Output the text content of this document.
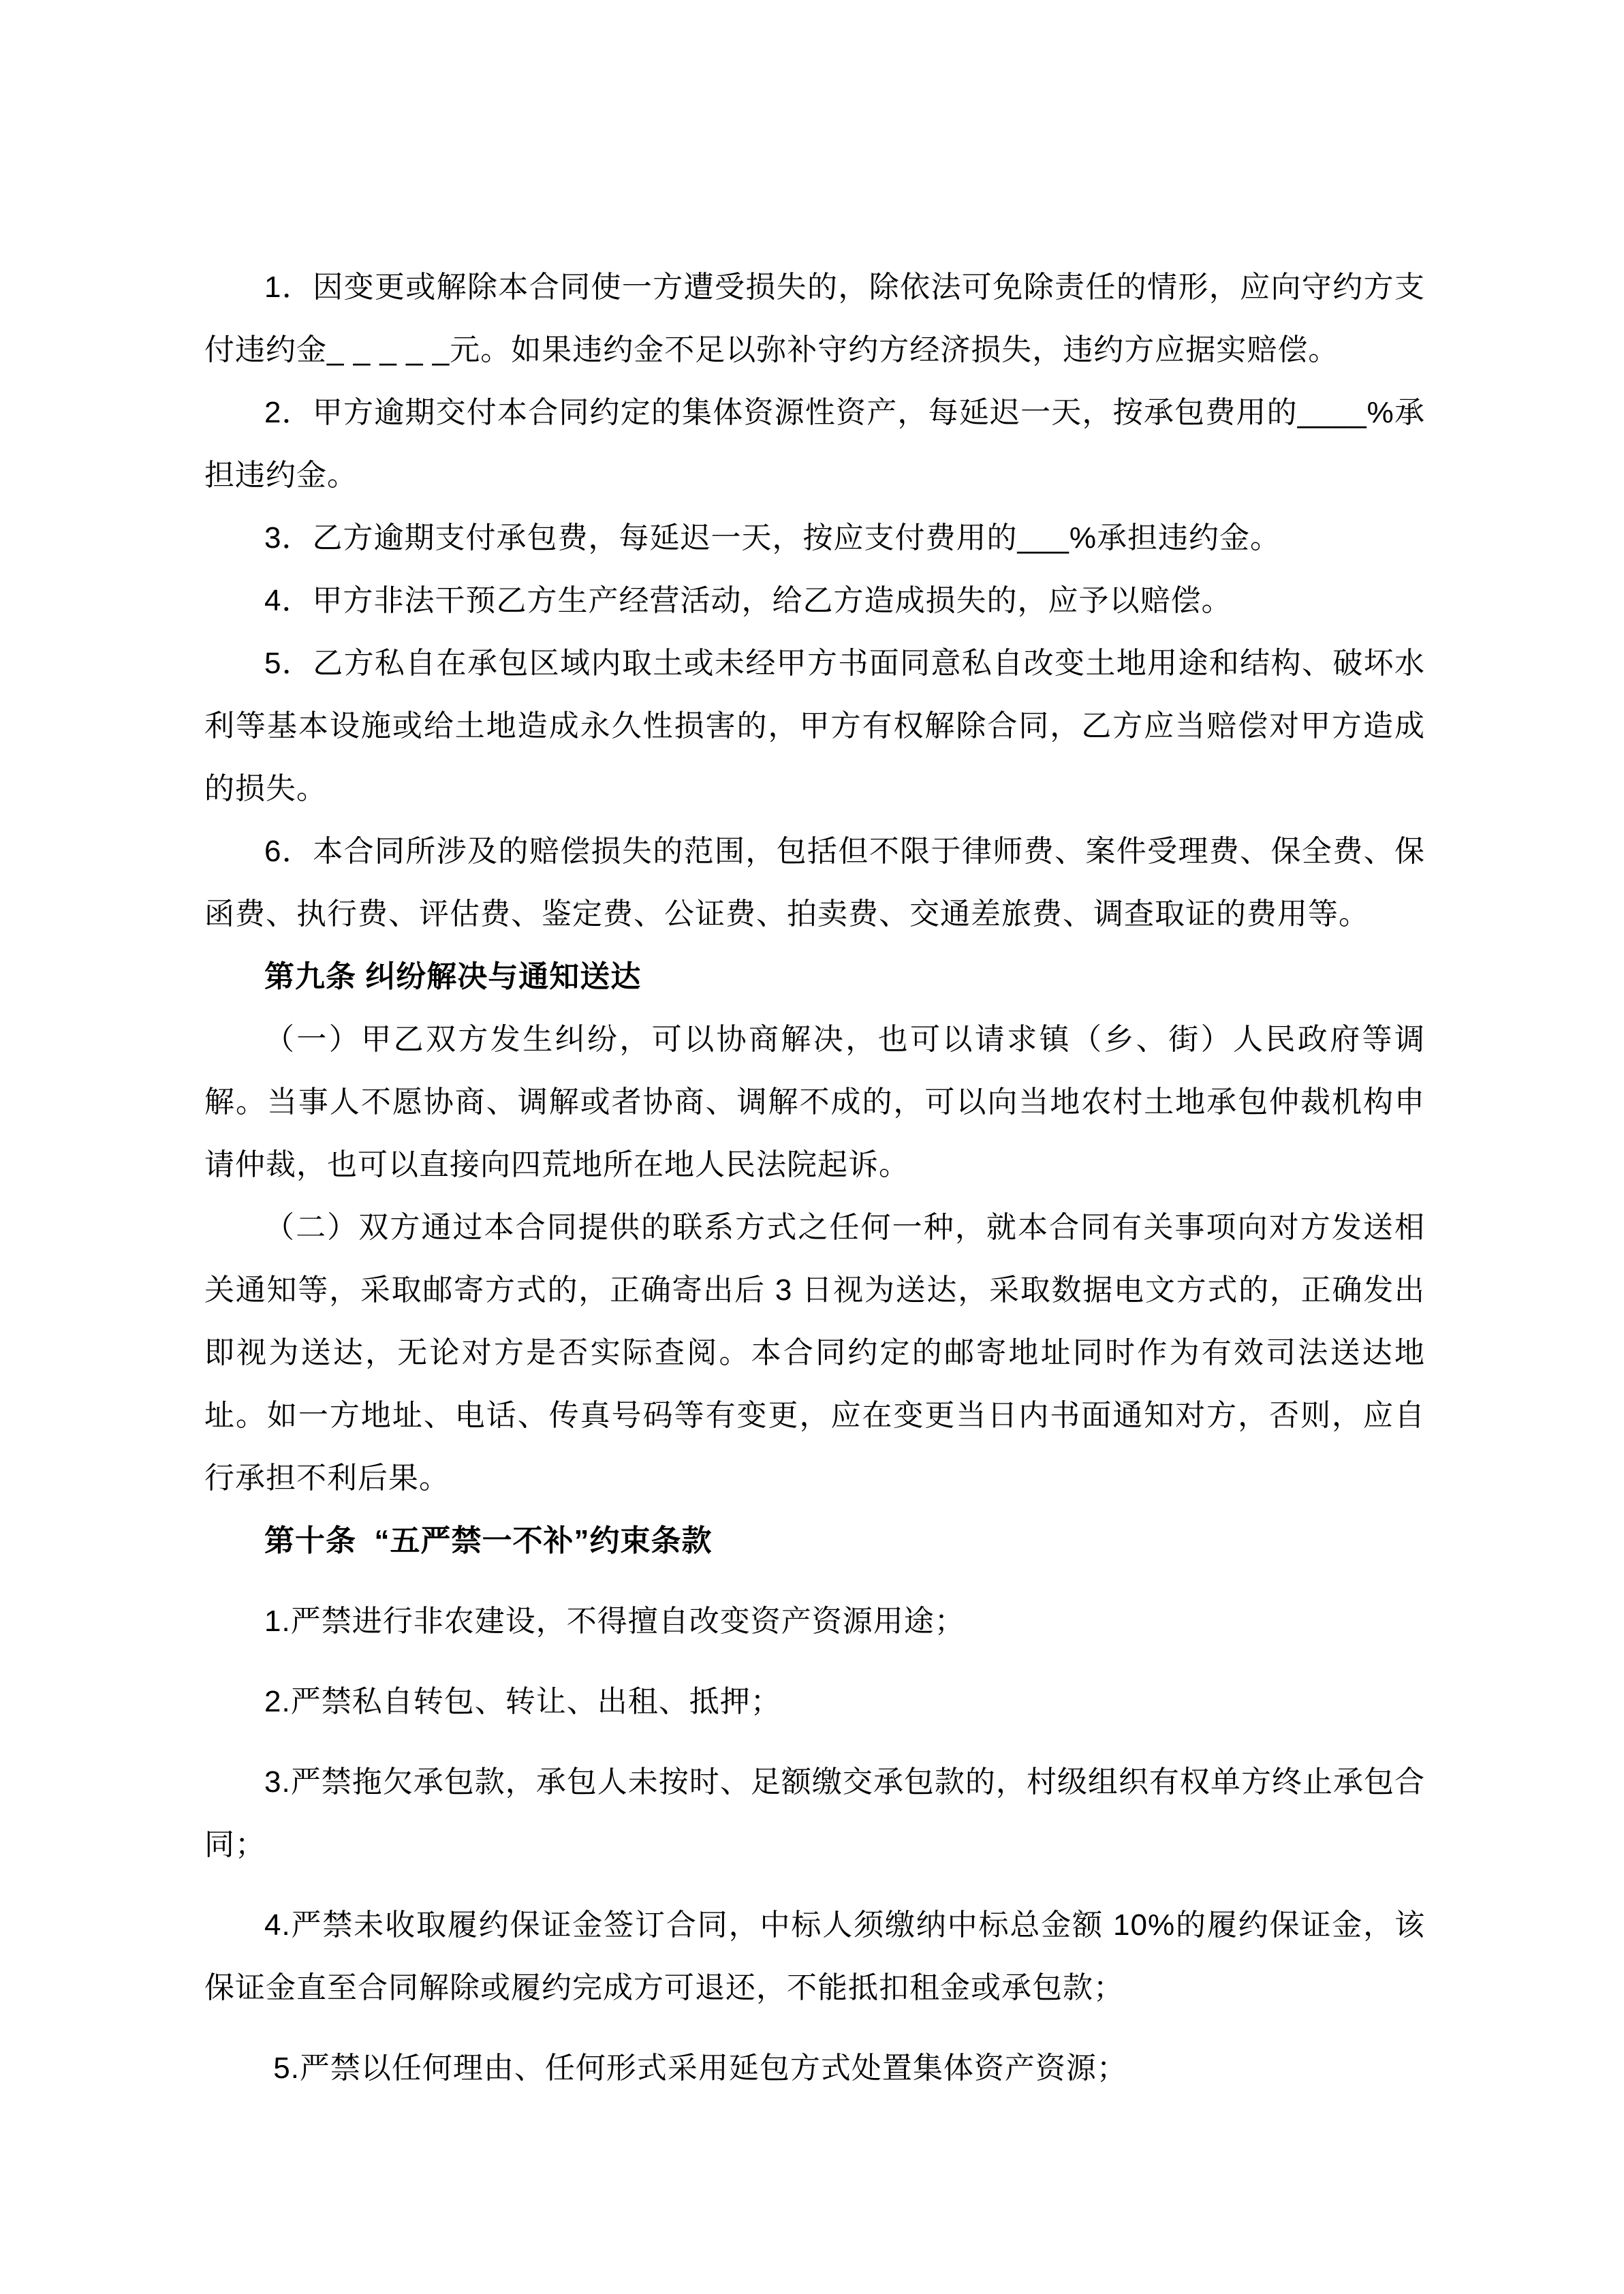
1．因变更或解除本合同使一方遭受损失的，除依法可免除责任的情形，应向守约方支付违约金_ _ _ _ _元。如果违约金不足以弥补守约方经济损失，违约方应据实赔偿。

2．甲方逾期交付本合同约定的集体资源性资产，每延迟一天，按承包费用的____%承担违约金。

3．乙方逾期支付承包费，每延迟一天，按应支付费用的___%承担违约金。

4．甲方非法干预乙方生产经营活动，给乙方造成损失的，应予以赔偿。

5．乙方私自在承包区域内取土或未经甲方书面同意私自改变土地用途和结构、破坏水利等基本设施或给土地造成永久性损害的，甲方有权解除合同，乙方应当赔偿对甲方造成的损失。

6．本合同所涉及的赔偿损失的范围，包括但不限于律师费、案件受理费、保全费、保函费、执行费、评估费、鉴定费、公证费、拍卖费、交通差旅费、调查取证的费用等。

第九条 纠纷解决与通知送达

（一）甲乙双方发生纠纷，可以协商解决，也可以请求镇（乡、街）人民政府等调解。当事人不愿协商、调解或者协商、调解不成的，可以向当地农村土地承包仲裁机构申请仲裁，也可以直接向四荒地所在地人民法院起诉。

（二）双方通过本合同提供的联系方式之任何一种，就本合同有关事项向对方发送相关通知等，采取邮寄方式的，正确寄出后 3 日视为送达，采取数据电文方式的，正确发出即视为送达，无论对方是否实际查阅。本合同约定的邮寄地址同时作为有效司法送达地址。如一方地址、电话、传真号码等有变更，应在变更当日内书面通知对方，否则，应自行承担不利后果。

第十条  “五严禁一不补”约束条款

1.严禁进行非农建设，不得擅自改变资产资源用途；

2.严禁私自转包、转让、出租、抵押；

3.严禁拖欠承包款，承包人未按时、足额缴交承包款的，村级组织有权单方终止承包合同；

4.严禁未收取履约保证金签订合同，中标人须缴纳中标总金额 10%的履约保证金，该保证金直至合同解除或履约完成方可退还，不能抵扣租金或承包款；

5.严禁以任何理由、任何形式采用延包方式处置集体资产资源；
